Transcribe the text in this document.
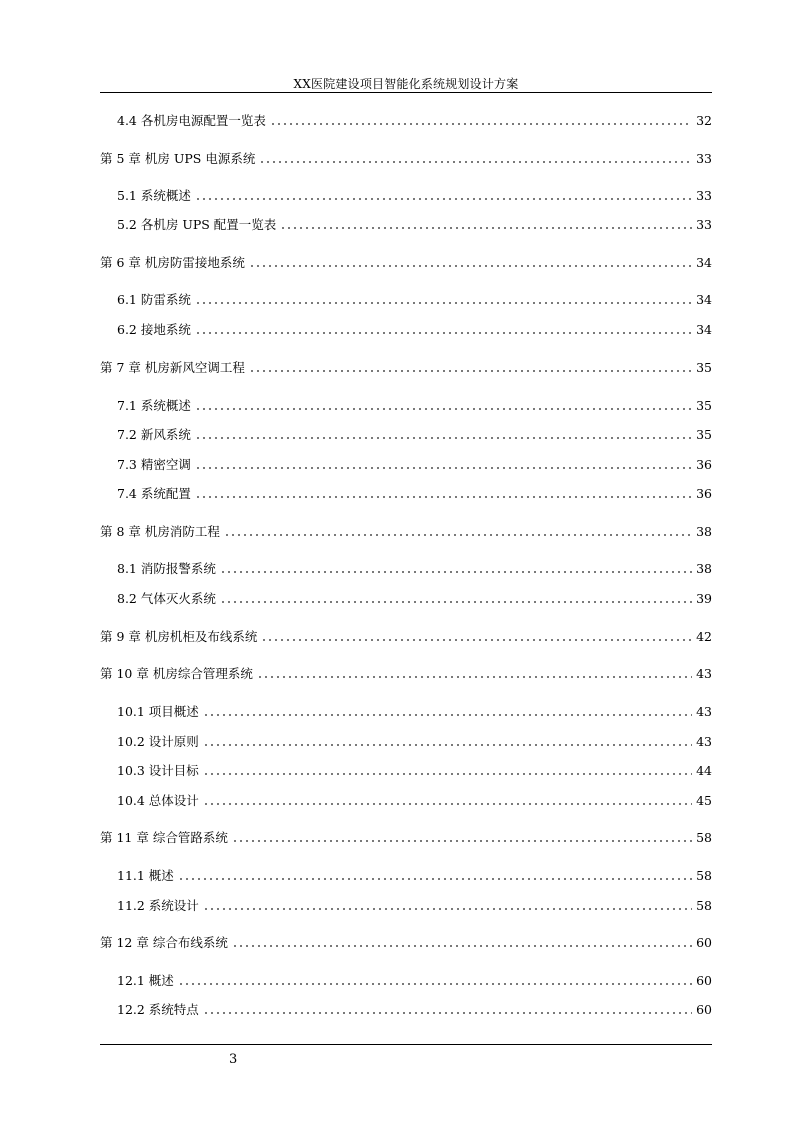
XX医院建设项目智能化系统规划设计方案
4.4 各机房电源配置一览表	32
第 5 章 机房 UPS 电源系统	33
5.1 系统概述	33
5.2 各机房 UPS 配置一览表	33
第 6 章 机房防雷接地系统	34
6.1 防雷系统	34
6.2 接地系统	34
第 7 章 机房新风空调工程	35
7.1 系统概述	35
7.2 新风系统	35
7.3 精密空调	36
7.4 系统配置	36
第 8 章 机房消防工程	38
8.1 消防报警系统	38
8.2 气体灭火系统	39
第 9 章 机房机柜及布线系统	42
第 10 章 机房综合管理系统	43
10.1 项目概述	43
10.2 设计原则	43
10.3 设计目标	44
10.4 总体设计	45
第 11 章 综合管路系统	58
11.1 概述	58
11.2 系统设计	58
第 12 章 综合布线系统	60
12.1 概述	60
12.2 系统特点	60
3
